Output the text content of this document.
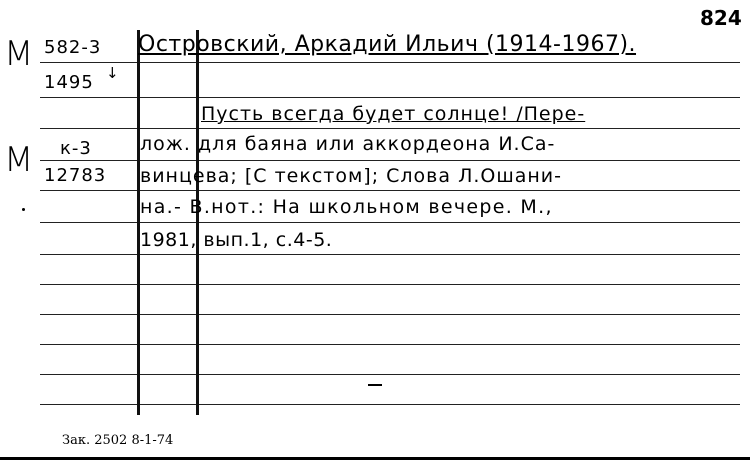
М
М
582-3
1495 ↓
к-3
12783
Островский, Аркадий Ильич (1914-1967).
824
Пусть всегда будет солнце! /Пере-
лож. для баяна или аккордеона И.Са-
винцева; [С текстом]; Слова Л.Ошани-
на.- В.нот.: На школьном вечере. М.,
1981, вып.1, с.4-5.
Зак. 2502 8-1-74
